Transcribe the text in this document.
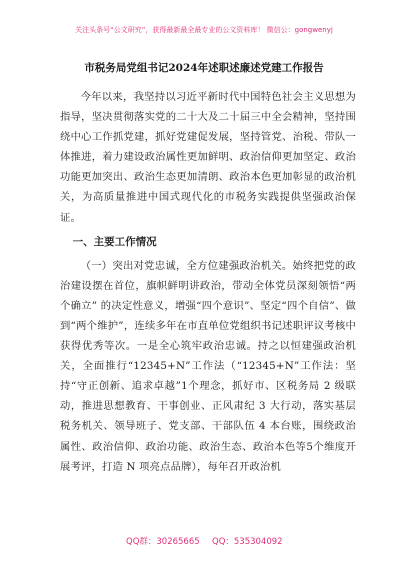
关注头条号“公文研究”，获得最新最全最专业的公文资料库！ 微信公：gongwenyj
市税务局党组书记2024年述职述廉述党建工作报告

今年以来，我坚持以习近平新时代中国特色社会主义思想为指导，坚决贯彻落实党的二十大及二十届三中全会精神，坚持围绕中心工作抓党建，抓好党建促发展，坚持管党、治税、带队一体推进，着力建设政治属性更加鲜明、政治信仰更加坚定、政治功能更加突出、政治生态更加清朗、政治本色更加彰显的政治机关，为高质量推进中国式现代化的市税务实践提供坚强政治保证。

一、主要工作情况

（一）突出对党忠诚，全方位建强政治机关。始终把党的政治建设摆在首位，旗帜鲜明讲政治，带动全体党员深刻领悟“两个确立” 的决定性意义，增强“四个意识”、坚定“四个自信”、做到“两个维护”，连续多年在市直单位党组织书记述职评议考核中获得优秀等次。一是全心筑牢政治忠诚。持之以恒建强政治机关，全面推行“12345+N”工作法（“12345+N”工作法：坚持“守正创新、追求卓越”1个理念，抓好市、区税务局 2 级联动，推进思想教育、干事创业、正风肃纪 3 大行动，落实基层税务机关、领导班子、党支部、干部队伍 4 本台账，围绕政治属性、政治信仰、政治功能、政治生态、政治本色等5个维度开展考评，打造 N 项亮点品牌），每年召开政治机

QQ群：30265665 QQ：535304092
